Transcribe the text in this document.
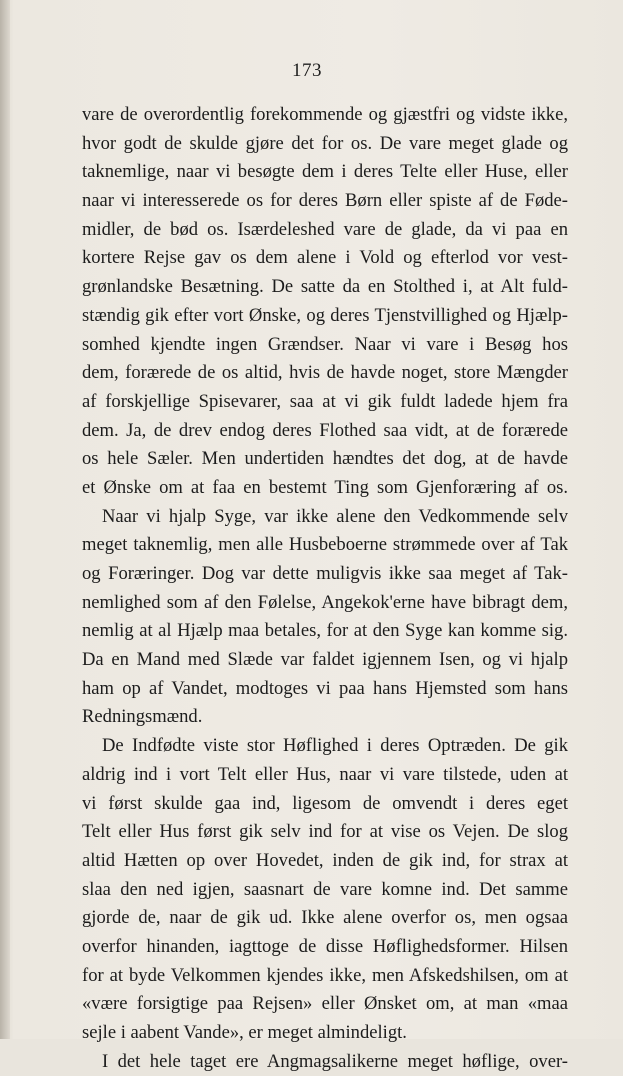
173
vare de overordentlig forekommende og gjæstfri og vidste ikke,
hvor godt de skulde gjøre det for os. De vare meget glade og
taknemlige, naar vi besøgte dem i deres Telte eller Huse, eller
naar vi interesserede os for deres Børn eller spiste af de Føde-
midler, de bød os. Isærdeleshed vare de glade, da vi paa en
kortere Rejse gav os dem alene i Vold og efterlod vor vest-
grønlandske Besætning. De satte da en Stolthed i, at Alt fuld-
stændig gik efter vort Ønske, og deres Tjenstvillighed og Hjælp-
somhed kjendte ingen Grændser. Naar vi vare i Besøg hos
dem, forærede de os altid, hvis de havde noget, store Mængder
af forskjellige Spisevarer, saa at vi gik fuldt ladede hjem fra
dem. Ja, de drev endog deres Flothed saa vidt, at de forærede
os hele Sæler. Men undertiden hændtes det dog, at de havde
et Ønske om at faa en bestemt Ting som Gjenforæring af os.
Naar vi hjalp Syge, var ikke alene den Vedkommende selv
meget taknemlig, men alle Husbeboerne strømmede over af Tak
og Foræringer. Dog var dette muligvis ikke saa meget af Tak-
nemlighed som af den Følelse, Angekok'erne have bibragt dem,
nemlig at al Hjælp maa betales, for at den Syge kan komme sig.
Da en Mand med Slæde var faldet igjennem Isen, og vi hjalp
ham op af Vandet, modtoges vi paa hans Hjemsted som hans
Redningsmænd.
De Indfødte viste stor Høflighed i deres Optræden. De gik
aldrig ind i vort Telt eller Hus, naar vi vare tilstede, uden at
vi først skulde gaa ind, ligesom de omvendt i deres eget
Telt eller Hus først gik selv ind for at vise os Vejen. De slog
altid Hætten op over Hovedet, inden de gik ind, for strax at
slaa den ned igjen, saasnart de vare komne ind. Det samme
gjorde de, naar de gik ud. Ikke alene overfor os, men ogsaa
overfor hinanden, iagttoge de disse Høflighedsformer. Hilsen
for at byde Velkommen kjendes ikke, men Afskedshilsen, om at
«være forsigtige paa Rejsen» eller Ønsket om, at man «maa
sejle i aabent Vande», er meget almindeligt.
I det hele taget ere Angmagsalikerne meget høflige, over-
